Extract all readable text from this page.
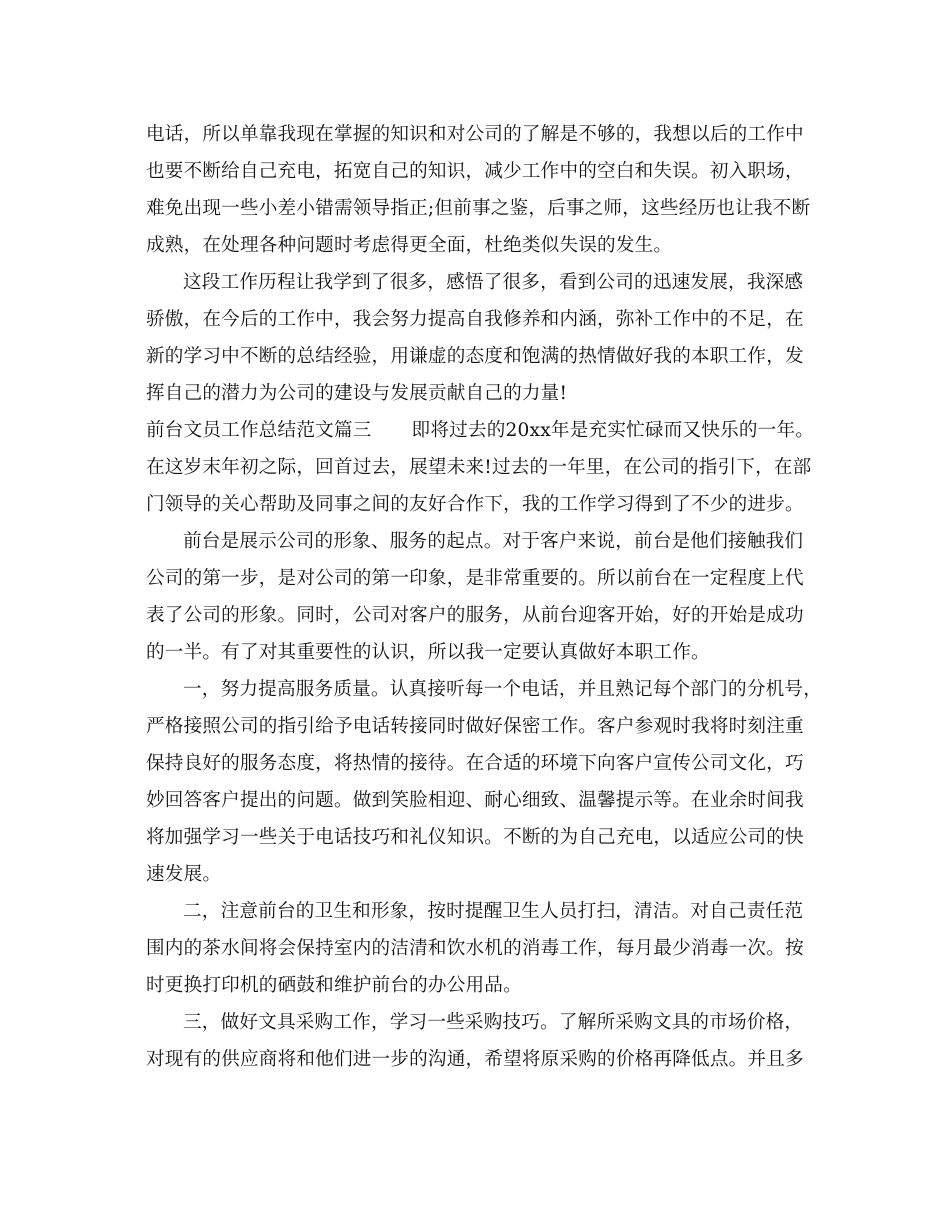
电话，所以单靠我现在掌握的知识和对公司的了解是不够的，我想以后的工作中
也要不断给自己充电，拓宽自己的知识，减少工作中的空白和失误。初入职场，
难免出现一些小差小错需领导指正;但前事之鉴，后事之师，这些经历也让我不断
成熟，在处理各种问题时考虑得更全面，杜绝类似失误的发生。
这段工作历程让我学到了很多，感悟了很多，看到公司的迅速发展，我深感
骄傲，在今后的工作中，我会努力提高自我修养和内涵，弥补工作中的不足，在
新的学习中不断的总结经验，用谦虚的态度和饱满的热情做好我的本职工作，发
挥自己的潜力为公司的建设与发展贡献自己的力量!
前台文员工作总结范文篇三 即将过去的20xx年是充实忙碌而又快乐的一年。
在这岁末年初之际，回首过去，展望未来!过去的一年里，在公司的指引下，在部
门领导的关心帮助及同事之间的友好合作下，我的工作学习得到了不少的进步。
前台是展示公司的形象、服务的起点。对于客户来说，前台是他们接触我们
公司的第一步，是对公司的第一印象，是非常重要的。所以前台在一定程度上代
表了公司的形象。同时，公司对客户的服务，从前台迎客开始，好的开始是成功
的一半。有了对其重要性的认识，所以我一定要认真做好本职工作。
一，努力提高服务质量。认真接听每一个电话，并且熟记每个部门的分机号，
严格接照公司的指引给予电话转接同时做好保密工作。客户参观时我将时刻注重
保持良好的服务态度，将热情的接待。在合适的环境下向客户宣传公司文化，巧
妙回答客户提出的问题。做到笑脸相迎、耐心细致、温馨提示等。在业余时间我
将加强学习一些关于电话技巧和礼仪知识。不断的为自己充电，以适应公司的快
速发展。
二，注意前台的卫生和形象，按时提醒卫生人员打扫，清洁。对自己责任范
围内的茶水间将会保持室内的洁清和饮水机的消毒工作，每月最少消毒一次。按
时更换打印机的硒鼓和维护前台的办公用品。
三，做好文具采购工作，学习一些采购技巧。了解所采购文具的市场价格，
对现有的供应商将和他们进一步的沟通，希望将原采购的价格再降低点。并且多
